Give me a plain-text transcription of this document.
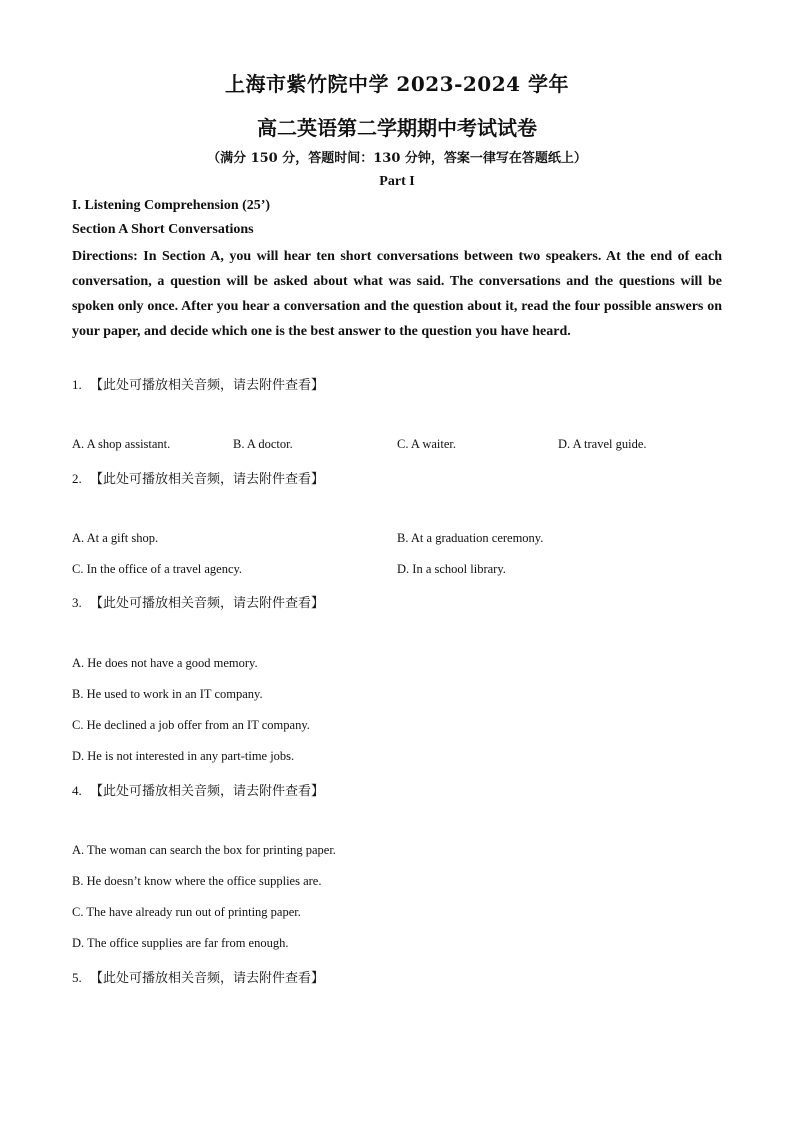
上海市紫竹院中学 2023-2024 学年
高二英语第二学期期中考试试卷
（满分 150 分，答题时间：130 分钟，答案一律写在答题纸上）
Part I
I. Listening Comprehension (25’)
Section A Short Conversations
Directions: In Section A, you will hear ten short conversations between two speakers. At the end of each conversation, a question will be asked about what was said. The conversations and the questions will be spoken only once. After you hear a conversation and the question about it, read the four possible answers on your paper, and decide which one is the best answer to the question you have heard.
1. 【此处可播放相关音频，请去附件查看】
A. A shop assistant.	B. A doctor.	C. A waiter.	D. A travel guide.
2. 【此处可播放相关音频，请去附件查看】
A. At a gift shop.	B. At a graduation ceremony.
C. In the office of a travel agency.	D. In a school library.
3. 【此处可播放相关音频，请去附件查看】
A. He does not have a good memory.
B. He used to work in an IT company.
C. He declined a job offer from an IT company.
D. He is not interested in any part-time jobs.
4. 【此处可播放相关音频，请去附件查看】
A. The woman can search the box for printing paper.
B. He doesn’t know where the office supplies are.
C. The have already run out of printing paper.
D. The office supplies are far from enough.
5. 【此处可播放相关音频，请去附件查看】
